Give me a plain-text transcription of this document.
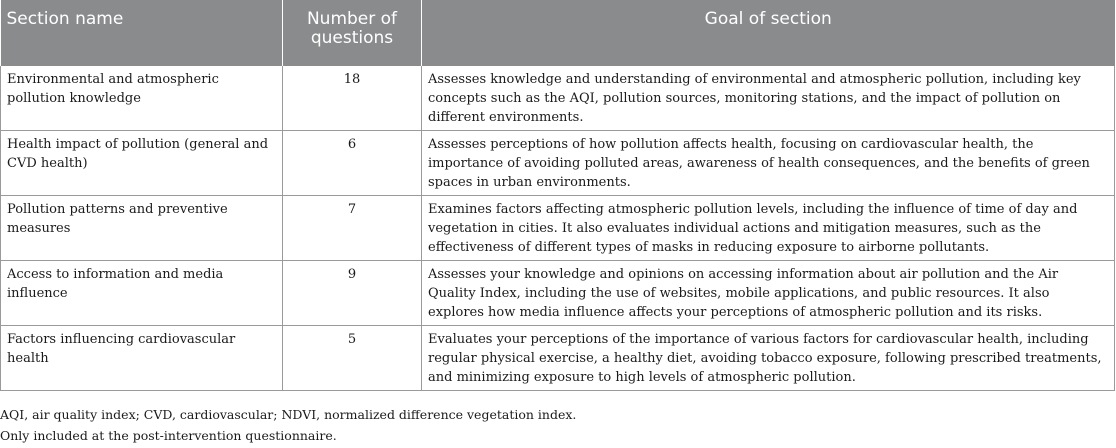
Section name	Number of questions	Goal of section
Environmental and atmospheric pollution knowledge	18	Assesses knowledge and understanding of environmental and atmospheric pollution, including key concepts such as the AQI, pollution sources, monitoring stations, and the impact of pollution on different environments.
Health impact of pollution (general and CVD health)	6	Assesses perceptions of how pollution affects health, focusing on cardiovascular health, the importance of avoiding polluted areas, awareness of health consequences, and the benefits of green spaces in urban environments.
Pollution patterns and preventive measures	7	Examines factors affecting atmospheric pollution levels, including the influence of time of day and vegetation in cities. It also evaluates individual actions and mitigation measures, such as the effectiveness of different types of masks in reducing exposure to airborne pollutants.
Access to information and media influence	9	Assesses your knowledge and opinions on accessing information about air pollution and the Air Quality Index, including the use of websites, mobile applications, and public resources. It also explores how media influence affects your perceptions of atmospheric pollution and its risks.
Factors influencing cardiovascular health	5	Evaluates your perceptions of the importance of various factors for cardiovascular health, including regular physical exercise, a healthy diet, avoiding tobacco exposure, following prescribed treatments, and minimizing exposure to high levels of atmospheric pollution.
AQI, air quality index; CVD, cardiovascular; NDVI, normalized difference vegetation index.
Only included at the post-intervention questionnaire.
